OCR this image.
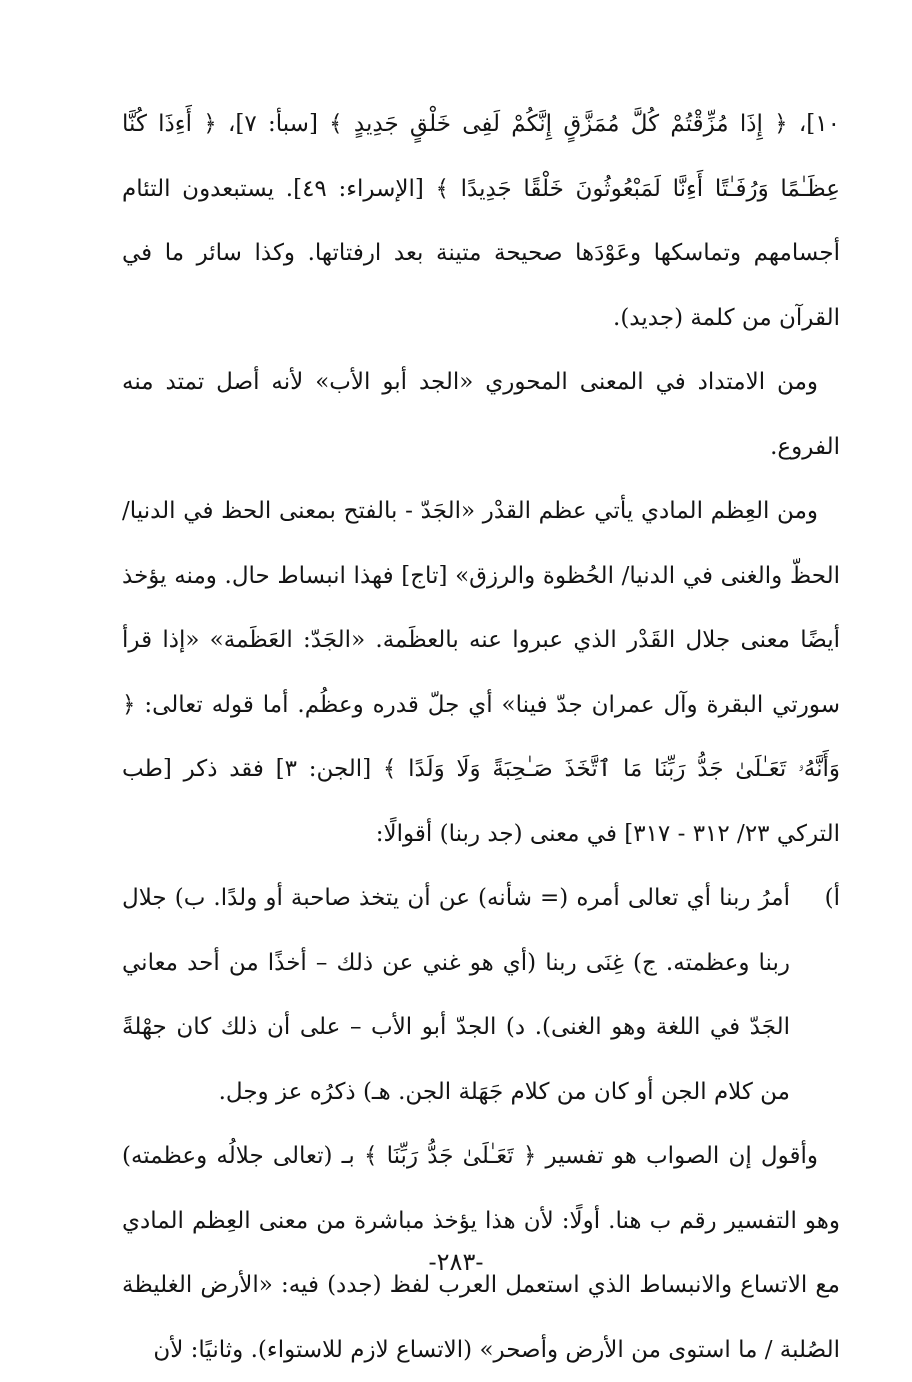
١٠]، ﴿ إِذَا مُزِّقْتُمْ كُلَّ مُمَزَّقٍ إِنَّكُمْ لَفِى خَلْقٍ جَدِيدٍ ﴾ [سبأ: ٧]، ﴿ أَءِذَا كُنَّا عِظَـٰمًا وَرُفَـٰتًا أَءِنَّا لَمَبْعُوثُونَ خَلْقًا جَدِيدًا ﴾ [الإسراء: ٤٩]. يستبعدون التئام أجسامهم وتماسكها وعَوْدَها صحيحة متينة بعد ارفتاتها. وكذا سائر ما في القرآن من كلمة (جديد).

ومن الامتداد في المعنى المحوري «الجد أبو الأب» لأنه أصل تمتد منه الفروع.

ومن العِظم المادي يأتي عظم القدْر «الجَدّ - بالفتح بمعنى الحظ في الدنيا/ الحظّ والغنى في الدنيا/ الحُظوة والرزق» [تاج] فهذا انبساط حال. ومنه يؤخذ أيضًا معنى جلال القَدْر الذي عبروا عنه بالعظَمة. «الجَدّ: العَظَمة» «إذا قرأ سورتي البقرة وآل عمران جدّ فينا» أي جلّ قدره وعظُم. أما قوله تعالى: ﴿ وَأَنَّهُۥ تَعَـٰلَىٰ جَدُّ رَبِّنَا مَا ٱتَّخَذَ صَـٰحِبَةً وَلَا وَلَدًا ﴾ [الجن: ٣] فقد ذكر [طب التركي ٢٣/ ٣١٢ - ٣١٧] في معنى (جد ربنا) أقوالًا:

أ)
أمرُ ربنا أي تعالى أمره (= شأنه) عن أن يتخذ صاحبة أو ولدًا. ب) جلال ربنا وعظمته. ج) غِنَى ربنا (أي هو غني عن ذلك – أخذًا من أحد معاني الجَدّ في اللغة وهو الغنى). د) الجدّ أبو الأب – على أن ذلك كان جهْلةً من كلام الجن أو كان من كلام جَهَلة الجن. هـ) ذكرُه عز وجل.

وأقول إن الصواب هو تفسير ﴿ تَعَـٰلَىٰ جَدُّ رَبِّنَا ﴾ بـ (تعالى جلالُه وعظمته) وهو التفسير رقم ب هنا. أولًا: لأن هذا يؤخذ مباشرة من معنى العِظم المادي مع الاتساع والانبساط الذي استعمل العرب لفظ (جدد) فيه: «الأرض الغليظة الصُلبة / ما استوى من الأرض وأصحر» (الاتساع لازم للاستواء). وثانيًا: لأن

-٢٨٣-
